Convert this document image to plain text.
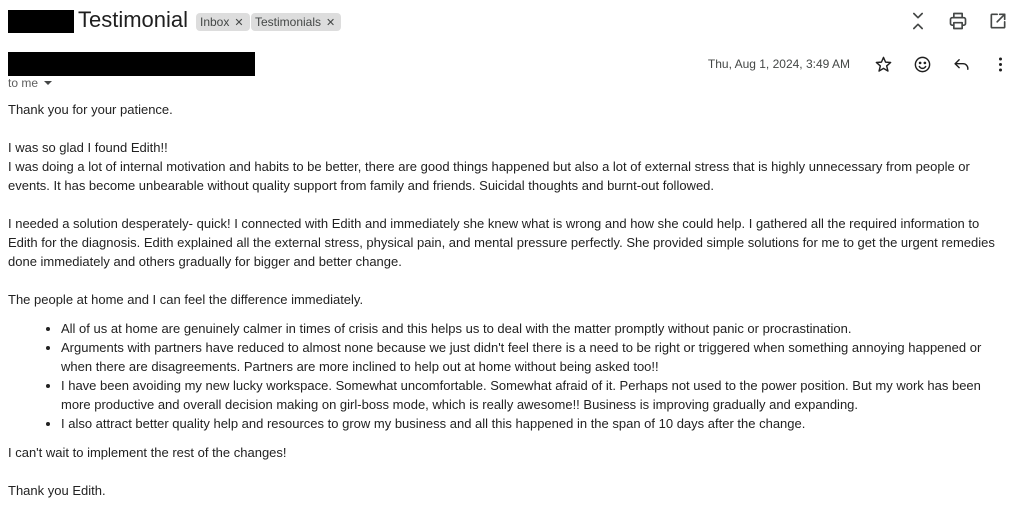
Testimonial Inbox ✕ Testimonials ✕
Thu, Aug 1, 2024, 3:49 AM
to me

Thank you for your patience.

I was so glad I found Edith!!

I was doing a lot of internal motivation and habits to be better, there are good things happened but also a lot of external stress that is highly unnecessary from people or events. It has become unbearable without quality support from family and friends. Suicidal thoughts and burnt-out followed.

I needed a solution desperately- quick! I connected with Edith and immediately she knew what is wrong and how she could help. I gathered all the required information to Edith for the diagnosis. Edith explained all the external stress, physical pain, and mental pressure perfectly. She provided simple solutions for me to get the urgent remedies done immediately and others gradually for bigger and better change.

The people at home and I can feel the difference immediately.

• All of us at home are genuinely calmer in times of crisis and this helps us to deal with the matter promptly without panic or procrastination.
• Arguments with partners have reduced to almost none because we just didn't feel there is a need to be right or triggered when something annoying happened or when there are disagreements. Partners are more inclined to help out at home without being asked too!!
• I have been avoiding my new lucky workspace. Somewhat uncomfortable. Somewhat afraid of it. Perhaps not used to the power position. But my work has been more productive and overall decision making on girl-boss mode, which is really awesome!! Business is improving gradually and expanding.
• I also attract better quality help and resources to grow my business and all this happened in the span of 10 days after the change.

I can't wait to implement the rest of the changes!

Thank you Edith.
